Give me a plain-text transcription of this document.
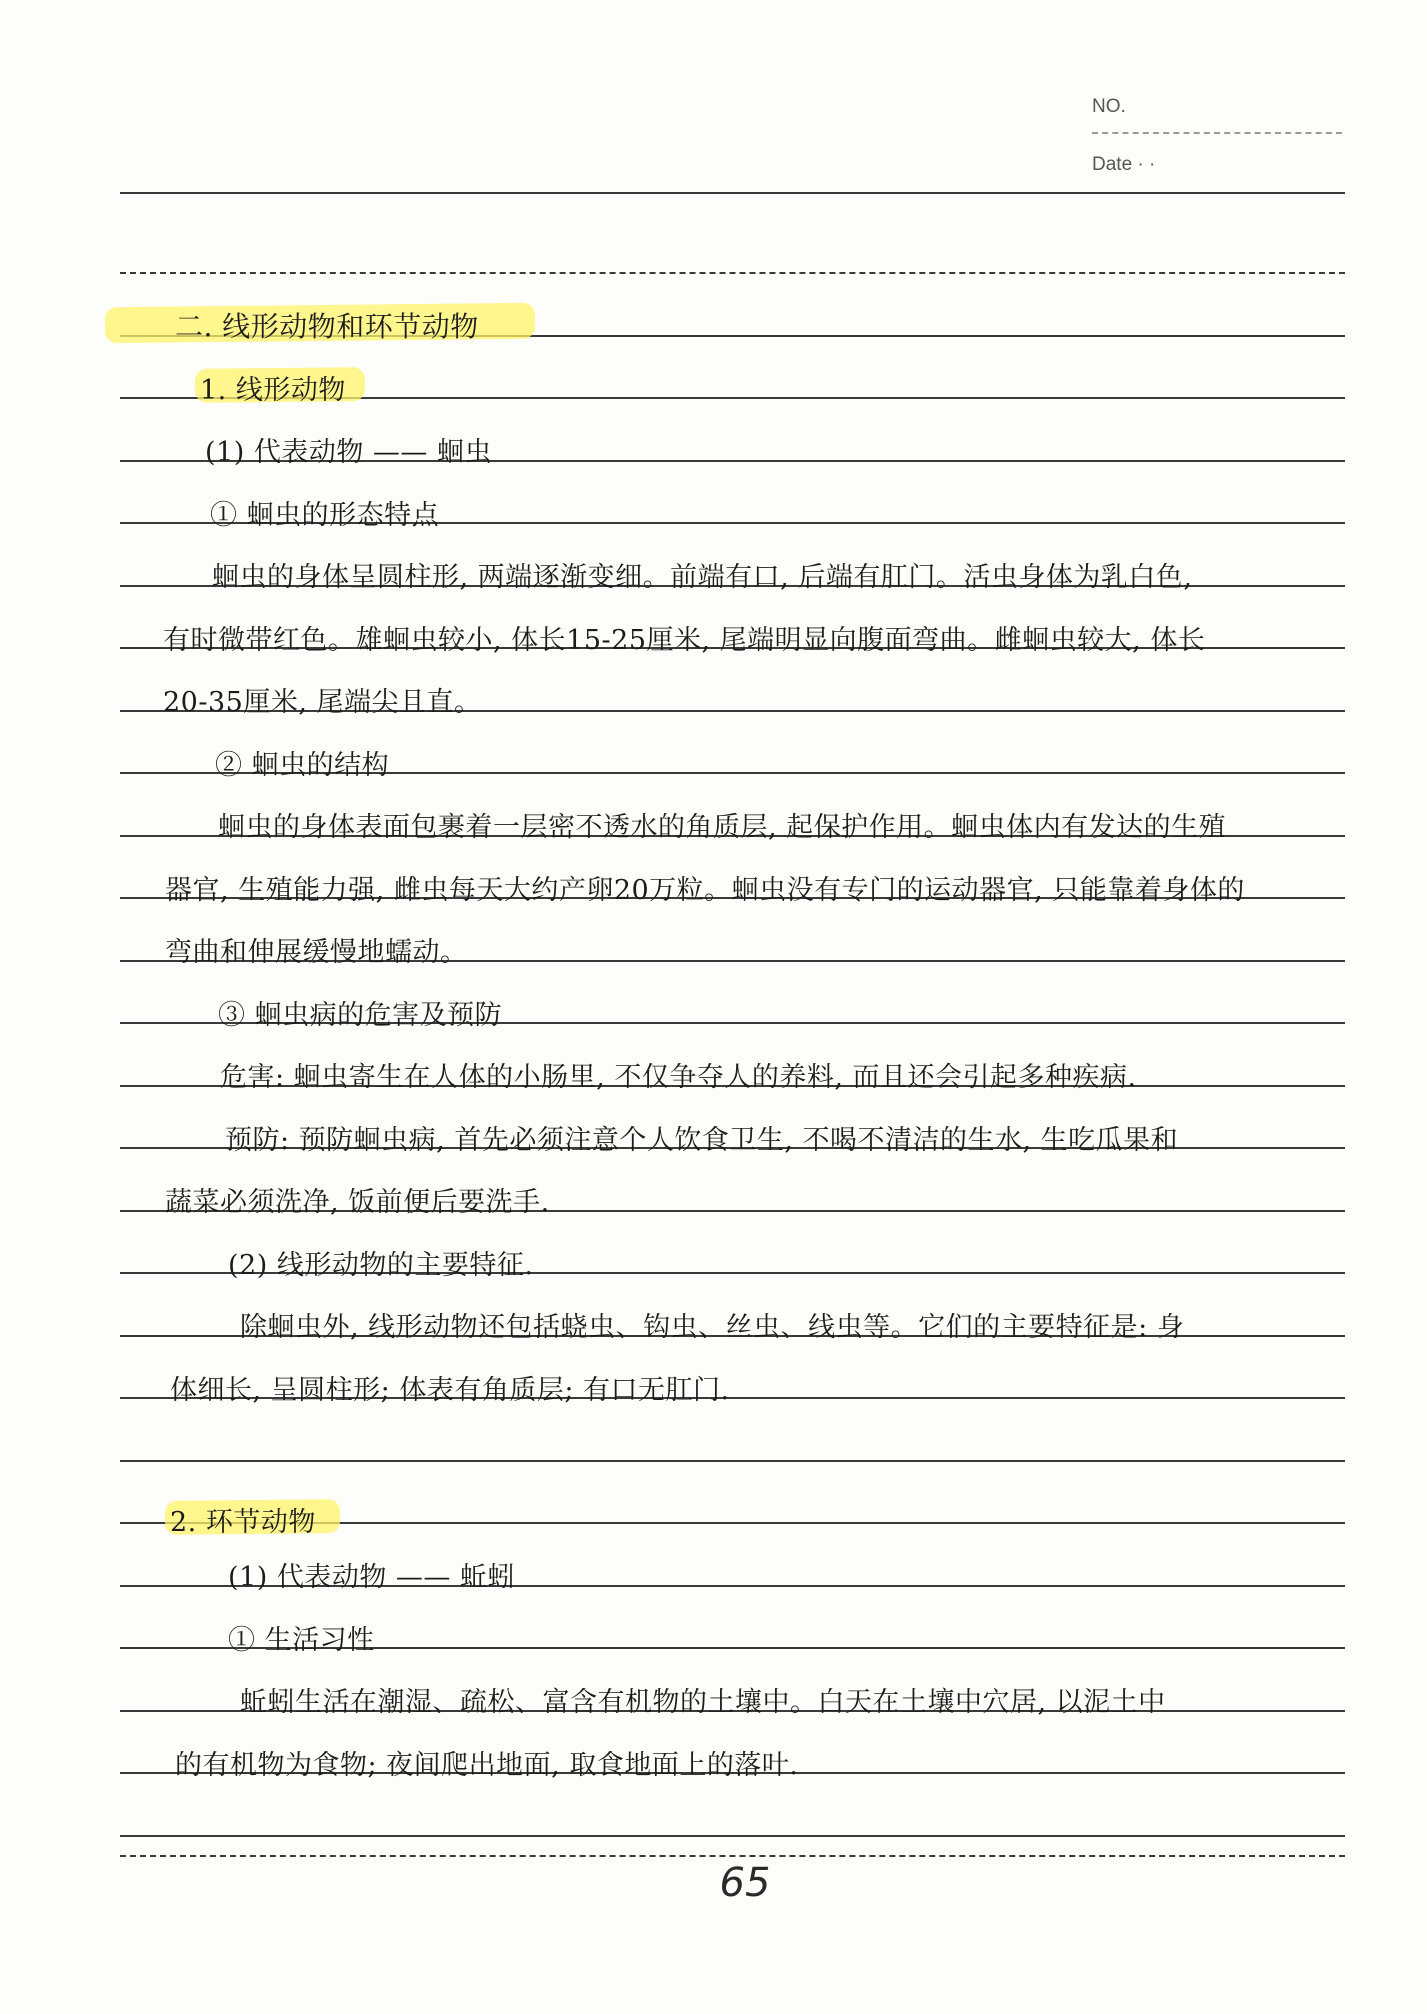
NO.
Date · ·
二. 线形动物和环节动物
1. 线形动物
(1) 代表动物 —— 蛔虫
① 蛔虫的形态特点
蛔虫的身体呈圆柱形, 两端逐渐变细。前端有口, 后端有肛门。活虫身体为乳白色,
有时微带红色。雄蛔虫较小, 体长15-25厘米, 尾端明显向腹面弯曲。雌蛔虫较大, 体长
20-35厘米, 尾端尖且直。
② 蛔虫的结构
蛔虫的身体表面包裹着一层密不透水的角质层, 起保护作用。蛔虫体内有发达的生殖
器官, 生殖能力强, 雌虫每天大约产卵20万粒。蛔虫没有专门的运动器官, 只能靠着身体的
弯曲和伸展缓慢地蠕动。
③ 蛔虫病的危害及预防
危害: 蛔虫寄生在人体的小肠里, 不仅争夺人的养料, 而且还会引起多种疾病.
预防: 预防蛔虫病, 首先必须注意个人饮食卫生, 不喝不清洁的生水, 生吃瓜果和
蔬菜必须洗净, 饭前便后要洗手.
(2) 线形动物的主要特征.
除蛔虫外, 线形动物还包括蛲虫、钩虫、丝虫、线虫等。它们的主要特征是: 身
体细长, 呈圆柱形; 体表有角质层; 有口无肛门.
2. 环节动物
(1) 代表动物 —— 蚯蚓
① 生活习性
蚯蚓生活在潮湿、疏松、富含有机物的土壤中。白天在土壤中穴居, 以泥土中
的有机物为食物; 夜间爬出地面, 取食地面上的落叶.
65
